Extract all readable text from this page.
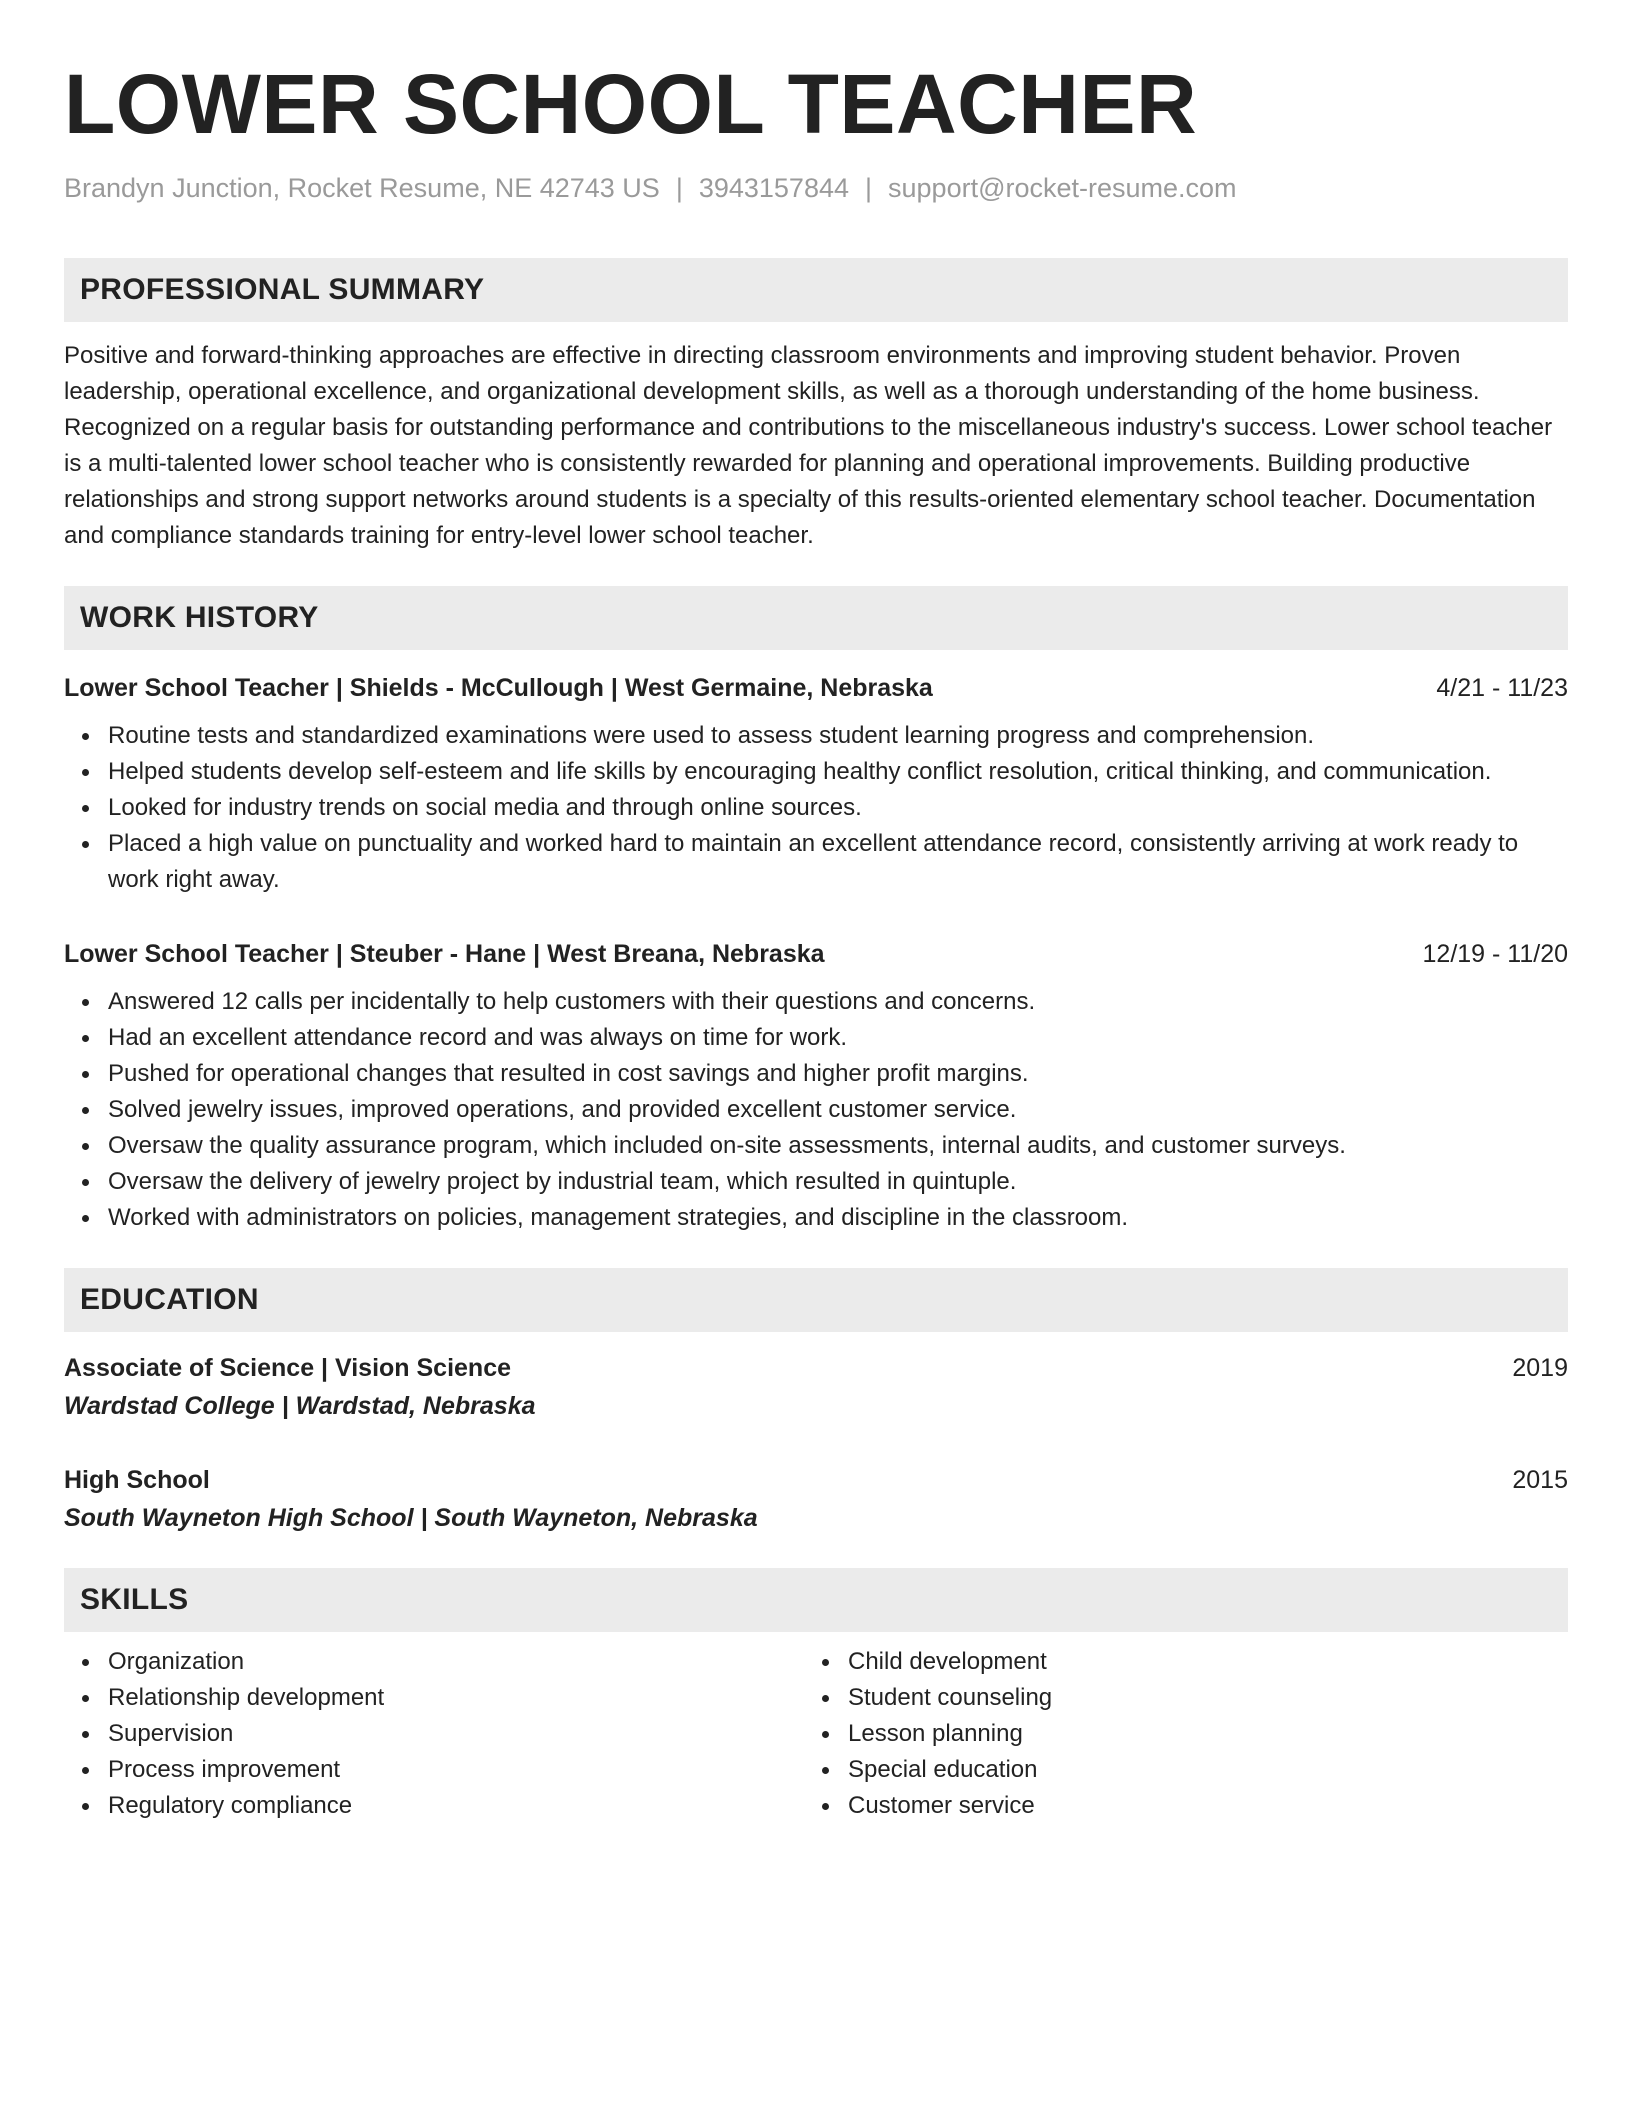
LOWER SCHOOL TEACHER
Brandyn Junction, Rocket Resume, NE 42743 US | 3943157844 | support@rocket-resume.com
PROFESSIONAL SUMMARY

Positive and forward-thinking approaches are effective in directing classroom environments and improving student behavior. Proven leadership, operational excellence, and organizational development skills, as well as a thorough understanding of the home business. Recognized on a regular basis for outstanding performance and contributions to the miscellaneous industry's success. Lower school teacher is a multi-talented lower school teacher who is consistently rewarded for planning and operational improvements. Building productive relationships and strong support networks around students is a specialty of this results-oriented elementary school teacher. Documentation and compliance standards training for entry-level lower school teacher.

WORK HISTORY
Lower School Teacher | Shields - McCullough | West Germaine, Nebraska	4/21 - 11/23
Routine tests and standardized examinations were used to assess student learning progress and comprehension.
Helped students develop self-esteem and life skills by encouraging healthy conflict resolution, critical thinking, and communication.
Looked for industry trends on social media and through online sources.
Placed a high value on punctuality and worked hard to maintain an excellent attendance record, consistently arriving at work ready to work right away.
Lower School Teacher | Steuber - Hane | West Breana, Nebraska	12/19 - 11/20
Answered 12 calls per incidentally to help customers with their questions and concerns.
Had an excellent attendance record and was always on time for work.
Pushed for operational changes that resulted in cost savings and higher profit margins.
Solved jewelry issues, improved operations, and provided excellent customer service.
Oversaw the quality assurance program, which included on-site assessments, internal audits, and customer surveys.
Oversaw the delivery of jewelry project by industrial team, which resulted in quintuple.
Worked with administrators on policies, management strategies, and discipline in the classroom.
EDUCATION
Associate of Science | Vision Science	2019
Wardstad College | Wardstad, Nebraska
High School	2015
South Wayneton High School | South Wayneton, Nebraska
SKILLS
Organization
Relationship development
Supervision
Process improvement
Regulatory compliance
Child development
Student counseling
Lesson planning
Special education
Customer service
